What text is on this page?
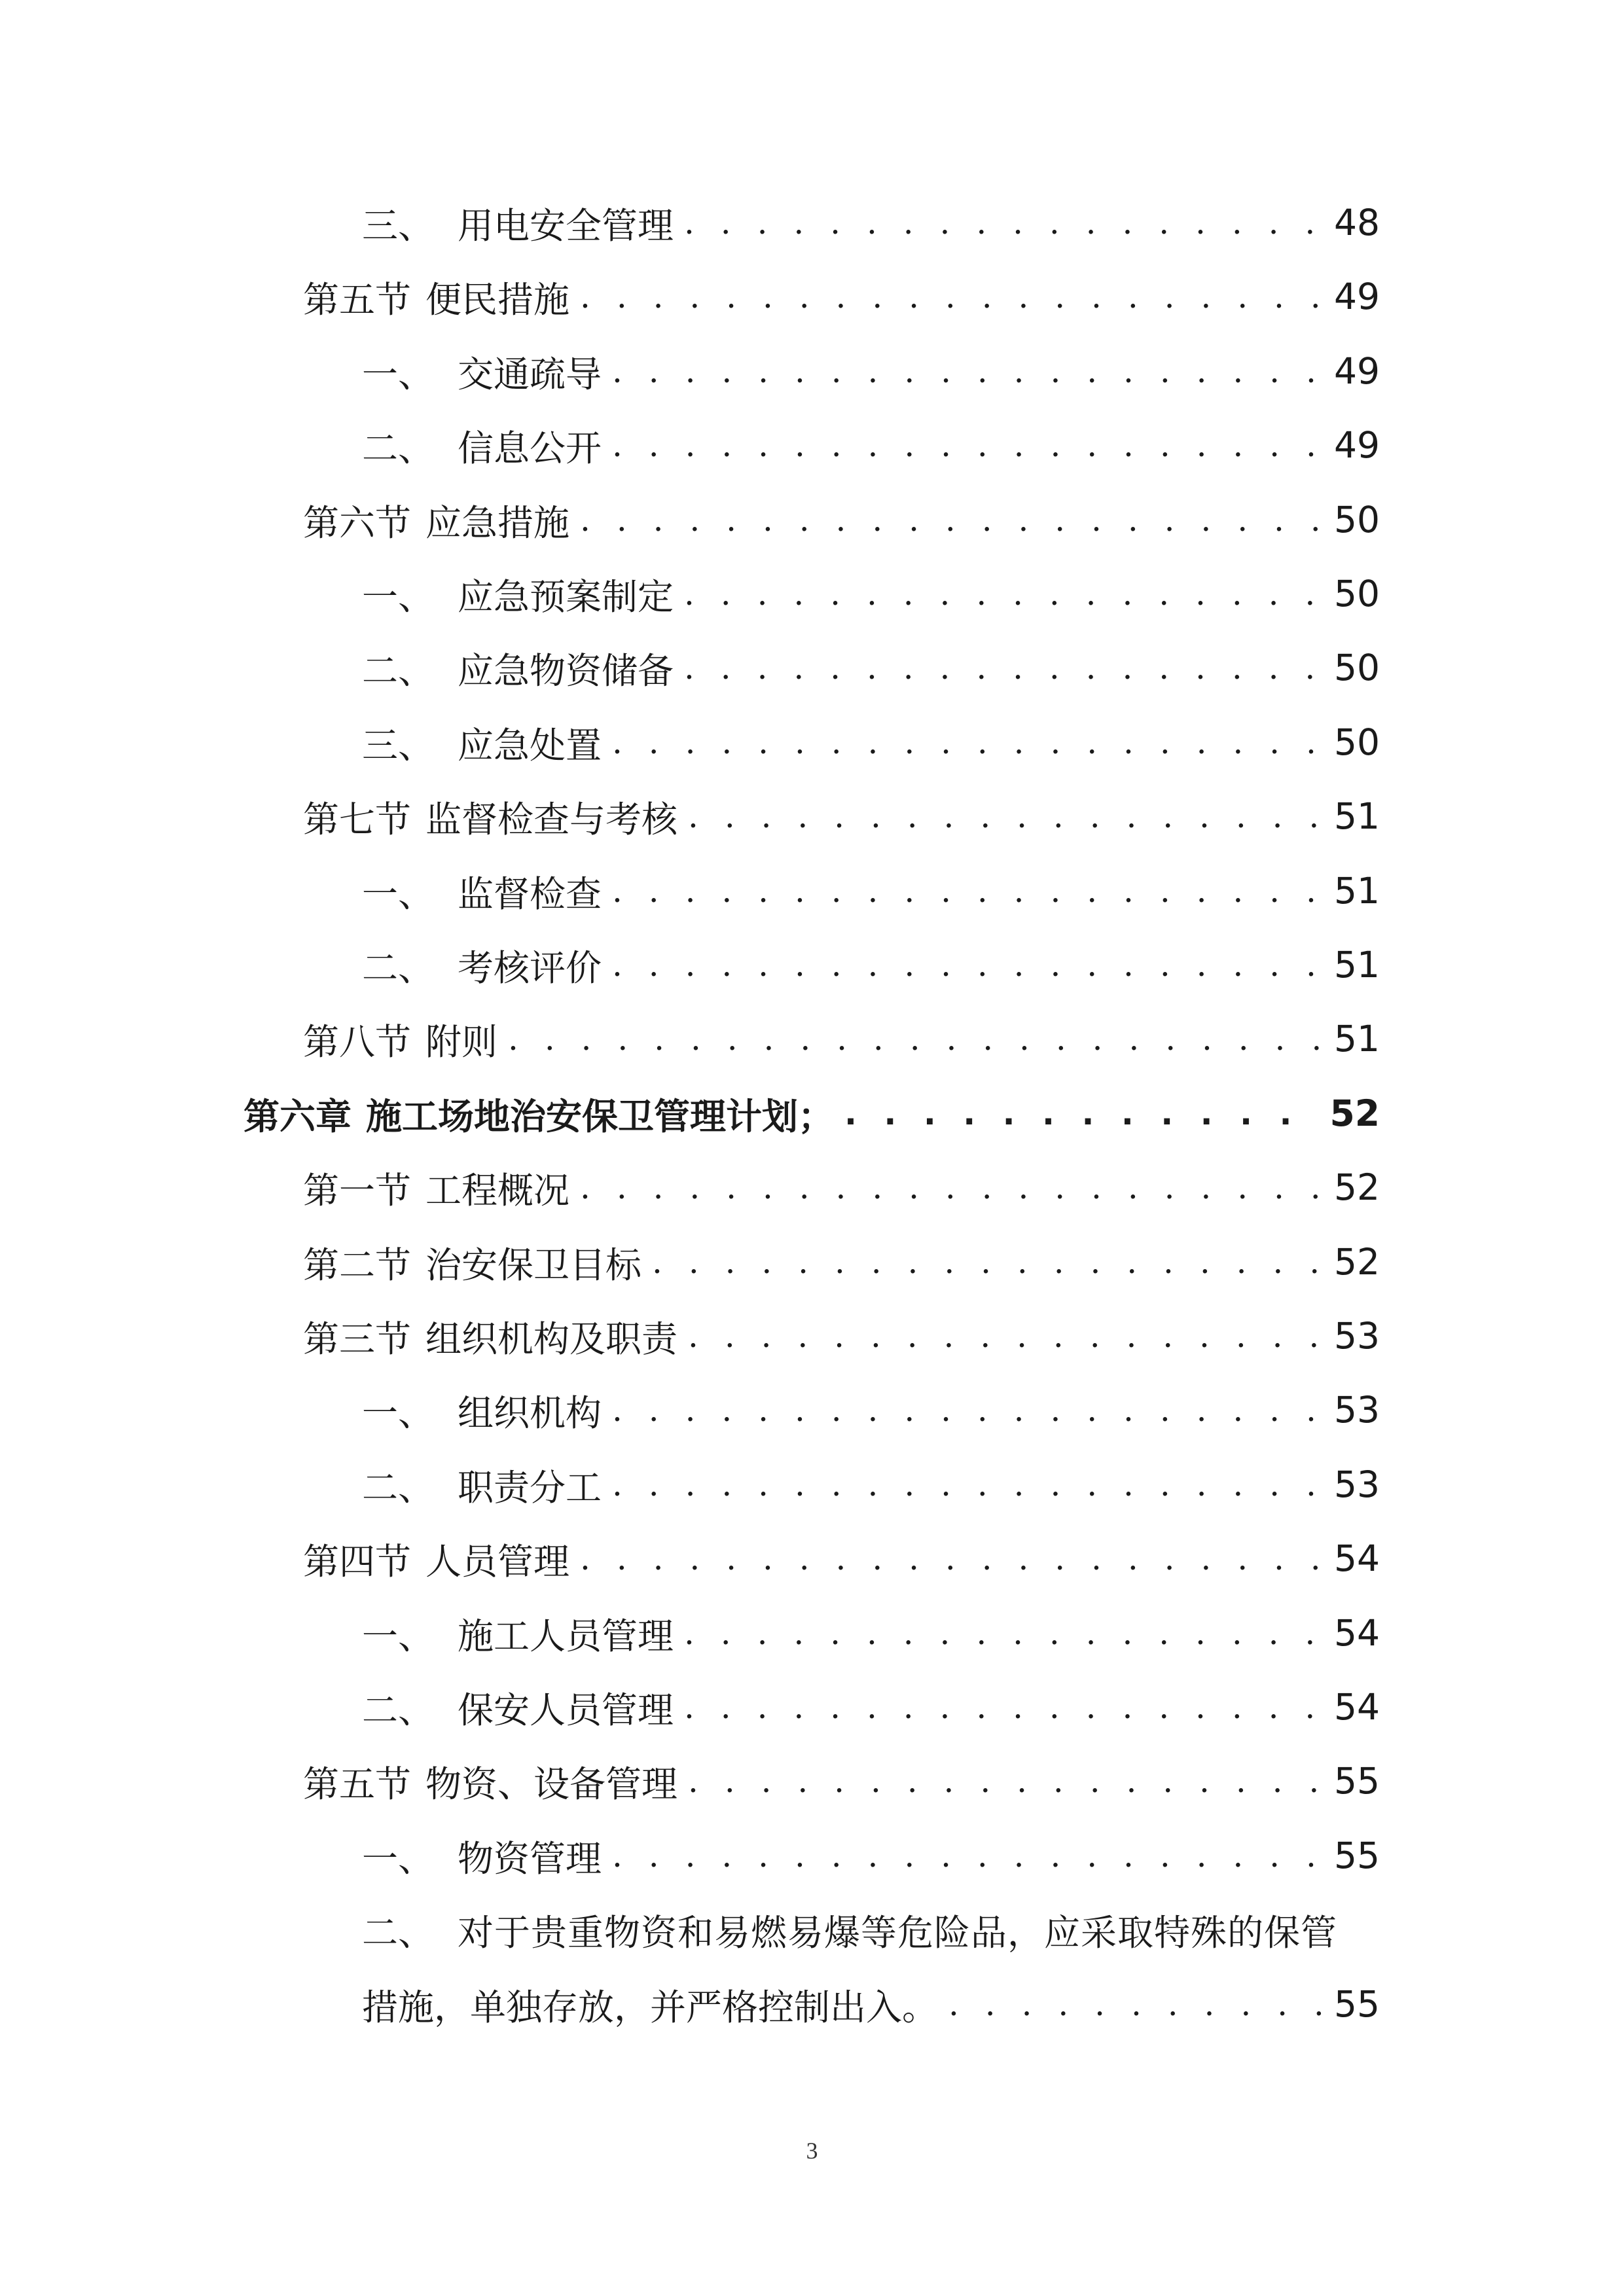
三、 用电安全管理 . . .	48
第五节 便民措施 . . .	49
一、 交通疏导 . . .	49
二、 信息公开 . . .	49
第六节 应急措施 . . .	50
一、 应急预案制定 . . .	50
二、 应急物资储备 . . .	50
三、 应急处置 . . .	50
第七节 监督检查与考核 . . .	51
一、 监督检查 . . .	51
二、 考核评价 . . .	51
第八节 附则 . . .	51
第六章 施工场地治安保卫管理计划； . . .	52
第一节 工程概况 . . .	52
第二节 治安保卫目标 . . .	52
第三节 组织机构及职责 . . .	53
一、 组织机构 . . .	53
二、 职责分工 . . .	53
第四节 人员管理 . . .	54
一、 施工人员管理 . . .	54
二、 保安人员管理 . . .	54
第五节 物资、设备管理 . . .	55
一、 物资管理 . . .	55
二、 对于贵重物资和易燃易爆等危险品，应采取特殊的保管
措施，单独存放，并严格控制出入。 . . .	55
3
